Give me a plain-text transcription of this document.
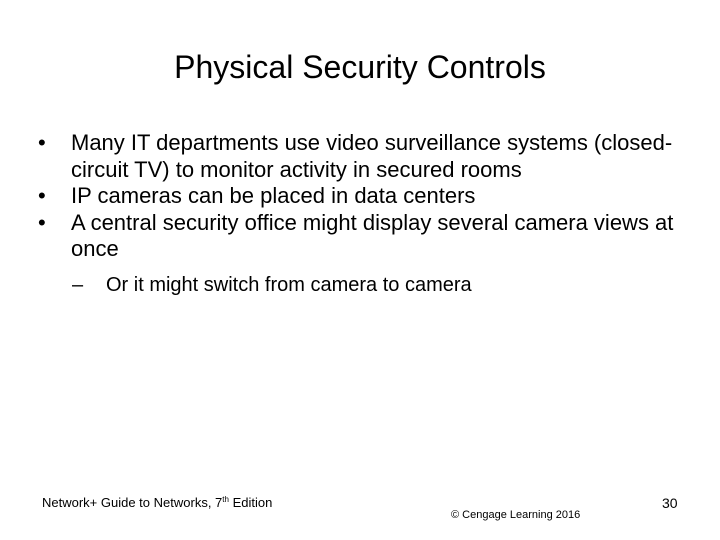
Physical Security Controls
•	Many IT departments use video surveillance systems (closed-circuit TV) to monitor activity in secured rooms
•	IP cameras can be placed in data centers
•	A central security office might display several camera views at once
– Or it might switch from camera to camera
Network+ Guide to Networks, 7th Edition
© Cengage Learning 2016
30
